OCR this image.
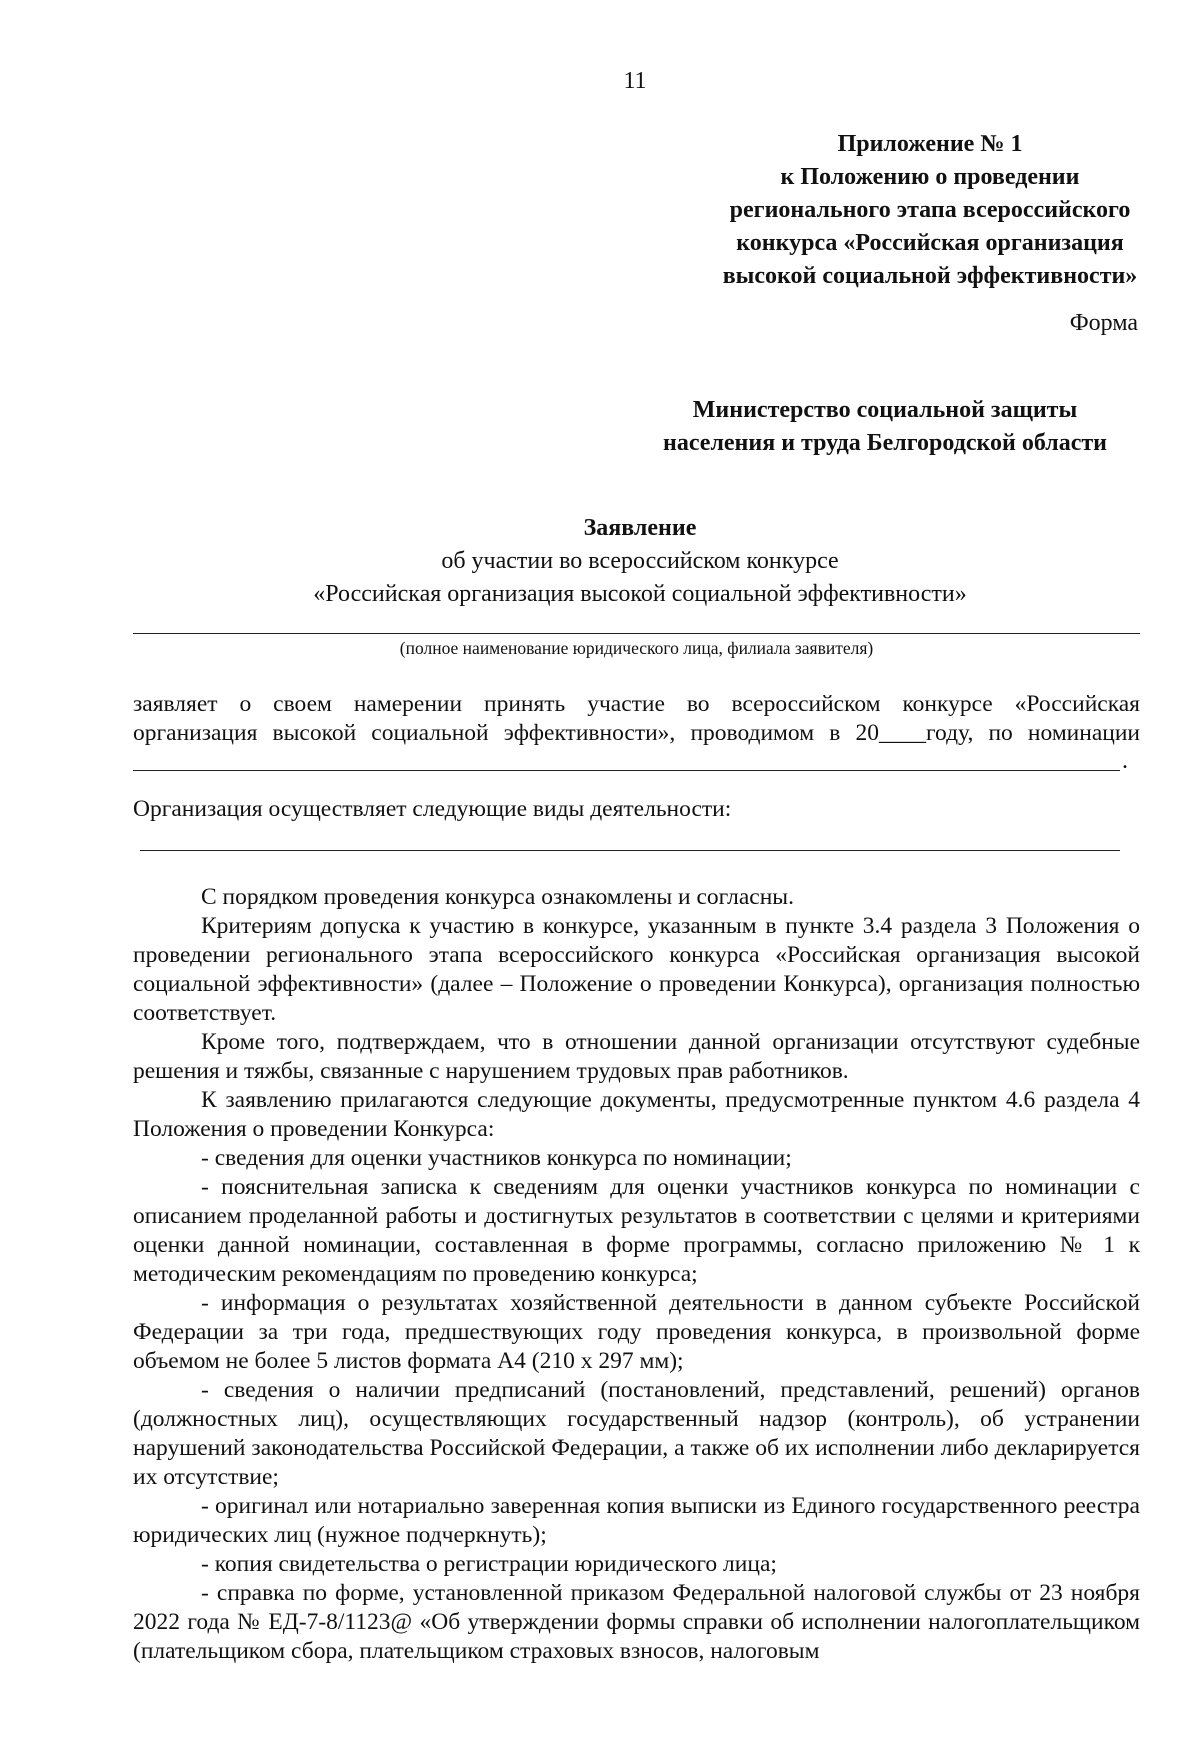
11
Приложение № 1
к Положению о проведении
регионального этапа всероссийского
конкурса «Российская организация
высокой социальной эффективности»
Форма
Министерство социальной защиты
населения и труда Белгородской области
Заявление
об участии во всероссийском конкурсе
«Российская организация высокой социальной эффективности»
(полное наименование юридического лица, филиала заявителя)
заявляет о своем намерении принять участие во всероссийском конкурсе «Российская
организация высокой социальной эффективности», проводимом в 20____году, по номинации
.
Организация осуществляет следующие виды деятельности:

С порядком проведения конкурса ознакомлены и согласны.

Критериям допуска к участию в конкурсе, указанным в пункте 3.4 раздела 3 Положения о проведении регионального этапа всероссийского конкурса «Российская организация высокой социальной эффективности» (далее – Положение о проведении Конкурса), организация полностью соответствует.

Кроме того, подтверждаем, что в отношении данной организации отсутствуют судебные решения и тяжбы, связанные с нарушением трудовых прав работников.

К заявлению прилагаются следующие документы, предусмотренные пунктом 4.6 раздела 4 Положения о проведении Конкурса:

- сведения для оценки участников конкурса по номинации;

- пояснительная записка к сведениям для оценки участников конкурса по номинации с описанием проделанной работы и достигнутых результатов в соответствии с целями и критериями оценки данной номинации, составленная в форме программы, согласно приложению № 1 к методическим рекомендациям по проведению конкурса;

- информация о результатах хозяйственной деятельности в данном субъекте Российской Федерации за три года, предшествующих году проведения конкурса, в произвольной форме объемом не более 5 листов формата А4 (210 х 297 мм);

- сведения о наличии предписаний (постановлений, представлений, решений) органов (должностных лиц), осуществляющих государственный надзор (контроль), об устранении нарушений законодательства Российской Федерации, а также об их исполнении либо декларируется их отсутствие;

- оригинал или нотариально заверенная копия выписки из Единого государственного реестра юридических лиц (нужное подчеркнуть);

- копия свидетельства о регистрации юридического лица;

- справка по форме, установленной приказом Федеральной налоговой службы от 23 ноября 2022 года № ЕД-7-8/1123@ «Об утверждении формы справки об исполнении налогоплательщиком (плательщиком сбора, плательщиком страховых взносов, налоговым
